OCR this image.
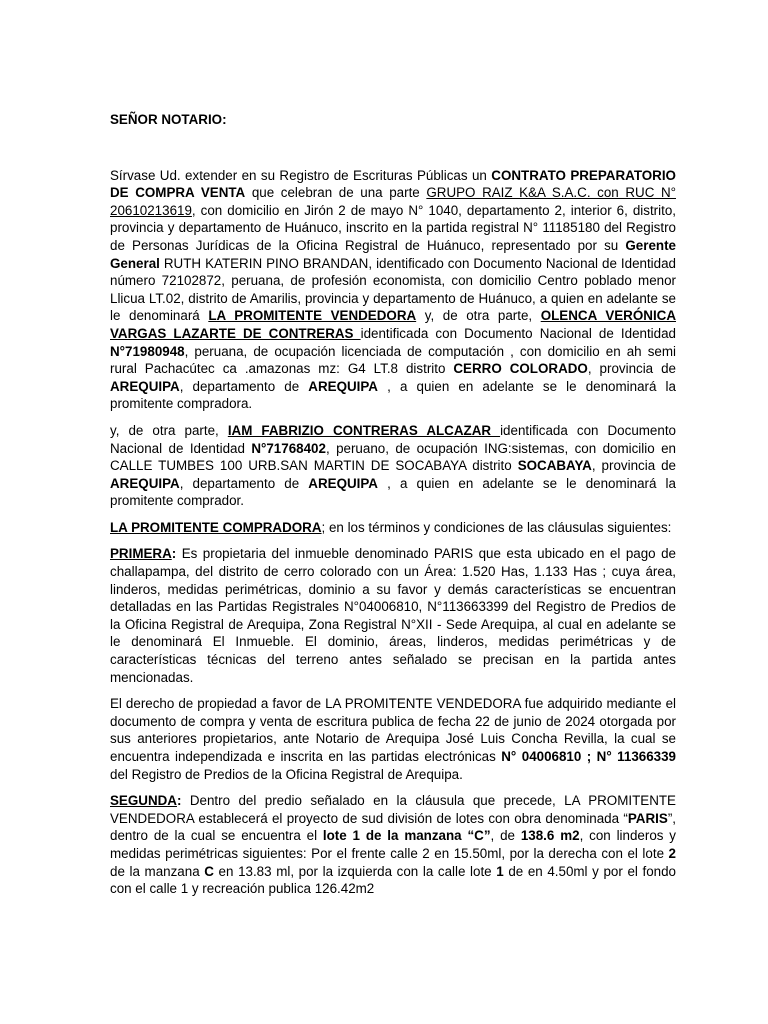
SEÑOR NOTARIO:

Sírvase Ud. extender en su Registro de Escrituras Públicas un CONTRATO PREPARATORIO DE COMPRA VENTA que celebran de una parte GRUPO RAIZ K&A S.A.C. con RUC N° 20610213619, con domicilio en Jirón 2 de mayo N° 1040, departamento 2, interior 6, distrito, provincia y departamento de Huánuco, inscrito en la partida registral N° 11185180 del Registro de Personas Jurídicas de la Oficina Registral de Huánuco, representado por su Gerente General RUTH KATERIN PINO BRANDAN, identificado con Documento Nacional de Identidad número 72102872, peruana, de profesión economista, con domicilio Centro poblado menor Llicua LT.02, distrito de Amarilis, provincia y departamento de Huánuco, a quien en adelante se le denominará LA PROMITENTE VENDEDORA y, de otra parte, OLENCA VERÓNICA VARGAS LAZARTE DE CONTRERAS identificada con Documento Nacional de Identidad N°71980948, peruana, de ocupación licenciada de computación , con domicilio en ah semi rural Pachacútec ca .amazonas mz: G4 LT.8 distrito CERRO COLORADO, provincia de AREQUIPA, departamento de AREQUIPA , a quien en adelante se le denominará la promitente compradora.

y, de otra parte, IAM FABRIZIO CONTRERAS ALCAZAR identificada con Documento Nacional de Identidad N°71768402, peruano, de ocupación ING:sistemas, con domicilio en CALLE TUMBES 100 URB.SAN MARTIN DE SOCABAYA distrito SOCABAYA, provincia de AREQUIPA, departamento de AREQUIPA , a quien en adelante se le denominará la promitente comprador.

LA PROMITENTE COMPRADORA; en los términos y condiciones de las cláusulas siguientes:

PRIMERA: Es propietaria del inmueble denominado PARIS que esta ubicado en el pago de challapampa, del distrito de cerro colorado con un Área: 1.520 Has, 1.133 Has ; cuya área, linderos, medidas perimétricas, dominio a su favor y demás características se encuentran detalladas en las Partidas Registrales N°04006810, N°113663399 del Registro de Predios de la Oficina Registral de Arequipa, Zona Registral N°XII - Sede Arequipa, al cual en adelante se le denominará El Inmueble. El dominio, áreas, linderos, medidas perimétricas y de características técnicas del terreno antes señalado se precisan en la partida antes mencionadas.

El derecho de propiedad a favor de LA PROMITENTE VENDEDORA fue adquirido mediante el documento de compra y venta de escritura publica de fecha 22 de junio de 2024 otorgada por sus anteriores propietarios, ante Notario de Arequipa José Luis Concha Revilla, la cual se encuentra independizada e inscrita en las partidas electrónicas N° 04006810 ; N° 11366339 del Registro de Predios de la Oficina Registral de Arequipa.

SEGUNDA: Dentro del predio señalado en la cláusula que precede, LA PROMITENTE VENDEDORA establecerá el proyecto de sud división de lotes con obra denominada “PARIS”, dentro de la cual se encuentra el lote 1 de la manzana “C”, de 138.6 m2, con linderos y medidas perimétricas siguientes: Por el frente calle 2 en 15.50ml, por la derecha con el lote 2 de la manzana C en 13.83 ml, por la izquierda con la calle lote 1 de en 4.50ml y por el fondo con el calle 1 y recreación publica 126.42m2
